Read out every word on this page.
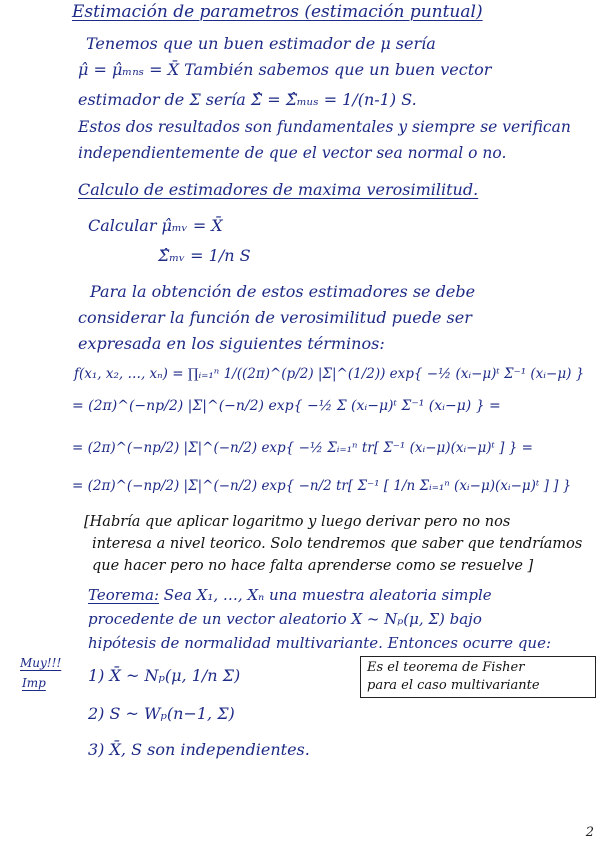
Estimación de parametros (estimación puntual)
Tenemos que un buen estimador de μ sería
μ̂ = μ̂ₘₙₛ = X̄ También sabemos que un buen vector
estimador de Σ sería Σ̂ = Σ̂ₘᵤₛ = 1/(n-1) S.
Estos dos resultados son fundamentales y siempre se verifican
independientemente de que el vector sea normal o no.
Calculo de estimadores de maxima verosimilitud.
Calcular μ̂ₘᵥ = X̄
Σ̂ₘᵥ = 1/n S
Para la obtención de estos estimadores se debe
considerar la función de verosimilitud puede ser
expresada en los siguientes términos:
f(x₁, x₂, …, xₙ) = ∏ᵢ₌₁ⁿ 1/((2π)^(p/2) |Σ|^(1/2)) exp{ −½ (xᵢ−μ)ᵗ Σ⁻¹ (xᵢ−μ) }
= (2π)^(−np/2) |Σ|^(−n/2) exp{ −½ Σ (xᵢ−μ)ᵗ Σ⁻¹ (xᵢ−μ) } =
= (2π)^(−np/2) |Σ|^(−n/2) exp{ −½ Σᵢ₌₁ⁿ tr[ Σ⁻¹ (xᵢ−μ)(xᵢ−μ)ᵗ ] } =
= (2π)^(−np/2) |Σ|^(−n/2) exp{ −n/2 tr[ Σ⁻¹ [ 1/n Σᵢ₌₁ⁿ (xᵢ−μ)(xᵢ−μ)ᵗ ] ] }
[Habría que aplicar logaritmo y luego derivar pero no nos
interesa a nivel teorico. Solo tendremos que saber que tendríamos
que hacer pero no hace falta aprenderse como se resuelve ]
Teorema: Sea X₁, …, Xₙ una muestra aleatoria simple
procedente de un vector aleatorio X ~ Nₚ(μ, Σ) bajo
hipótesis de normalidad multivariante. Entonces ocurre que:
Muy!!!
Imp	1) X̄ ~ Nₚ(μ, 1/n Σ)
2) S ~ Wₚ(n−1, Σ)
3) X̄, S son independientes.
Es el teorema de Fisher
para el caso multivariante
2
